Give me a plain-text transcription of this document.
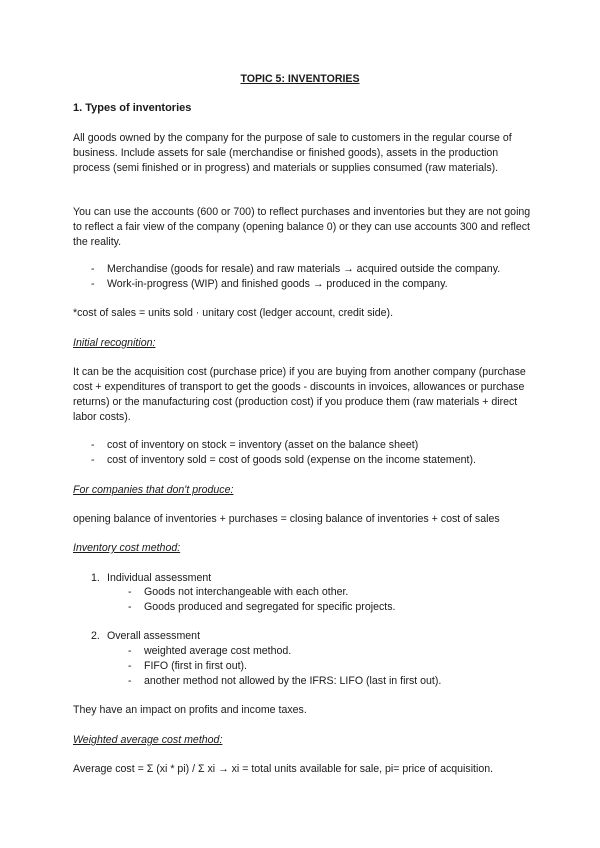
TOPIC 5: INVENTORIES
1. Types of inventories
All goods owned by the company for the purpose of sale to customers in the regular course of business. Include assets for sale (merchandise or finished goods), assets in the production process (semi finished or in progress) and materials or supplies consumed (raw materials).
You can use the accounts (600 or 700) to reflect purchases and inventories but they are not going to reflect a fair view of the company (opening balance 0) or they can use accounts 300 and reflect the reality.
- Merchandise (goods for resale) and raw materials → acquired outside the company.
- Work-in-progress (WIP) and finished goods → produced in the company.
*cost of sales = units sold · unitary cost (ledger account, credit side).
Initial recognition:
It can be the acquisition cost (purchase price) if you are buying from another company (purchase cost + expenditures of transport to get the goods - discounts in invoices, allowances or purchase returns) or the manufacturing cost (production cost) if you produce them (raw materials + direct labor costs).
- cost of inventory on stock = inventory (asset on the balance sheet)
- cost of inventory sold = cost of goods sold (expense on the income statement).
For companies that don't produce:
opening balance of inventories + purchases = closing balance of inventories + cost of sales
Inventory cost method:
1. Individual assessment
- Goods not interchangeable with each other.
- Goods produced and segregated for specific projects.
2. Overall assessment
- weighted average cost method.
- FIFO (first in first out).
- another method not allowed by the IFRS: LIFO (last in first out).
They have an impact on profits and income taxes.
Weighted average cost method:
Average cost = Σ (xi * pi) / Σ xi → xi = total units available for sale, pi= price of acquisition.
